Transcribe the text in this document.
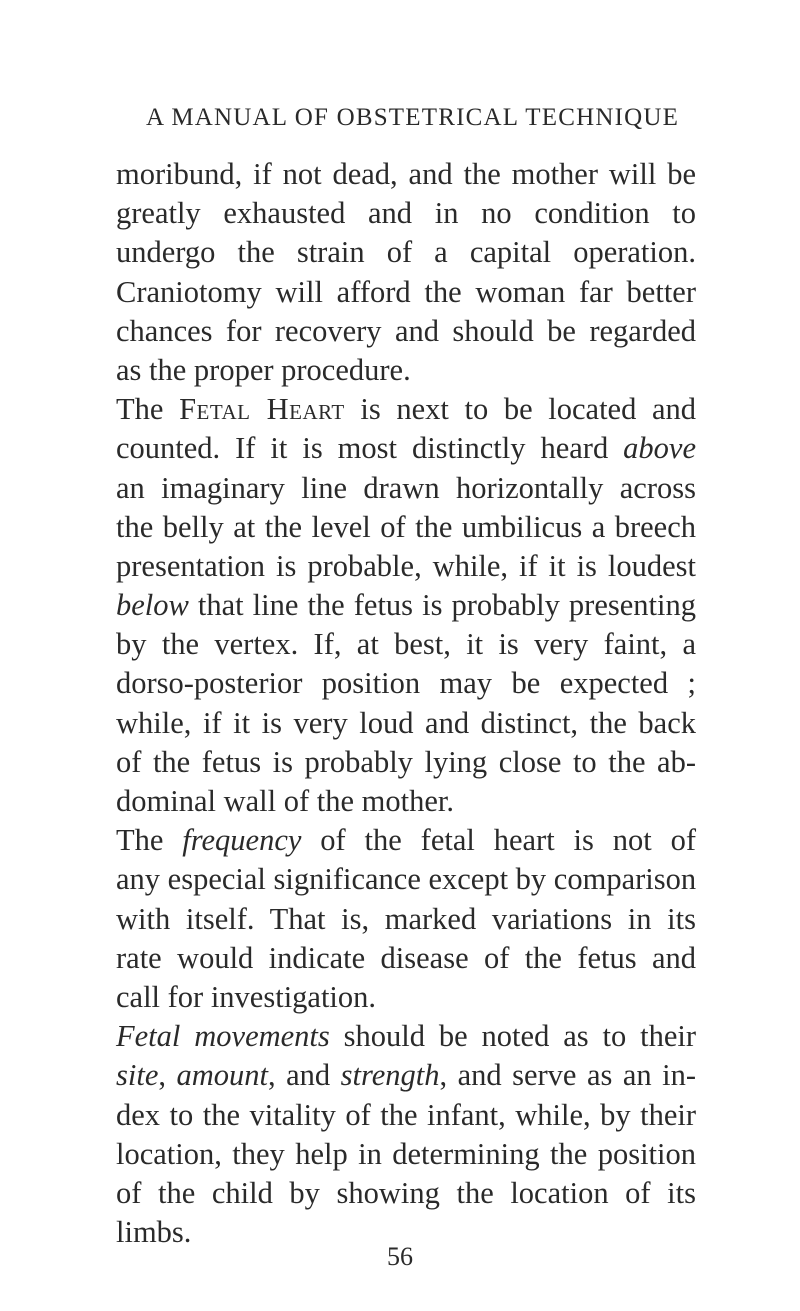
A MANUAL OF OBSTETRICAL TECHNIQUE
moribund, if not dead, and the mother will be
greatly exhausted and in no condition to
undergo the strain of a capital operation.
Craniotomy will afford the woman far better
chances for recovery and should be regarded
as the proper procedure.
The Fetal Heart is next to be located and
counted. If it is most distinctly heard above
an imaginary line drawn horizontally across
the belly at the level of the umbilicus a breech
presentation is probable, while, if it is loudest
below that line the fetus is probably presenting
by the vertex. If, at best, it is very faint, a
dorso-posterior position may be expected ;
while, if it is very loud and distinct, the back
of the fetus is probably lying close to the ab-
dominal wall of the mother.
The frequency of the fetal heart is not of
any especial significance except by comparison
with itself. That is, marked variations in its
rate would indicate disease of the fetus and
call for investigation.
Fetal movements should be noted as to their
site, amount, and strength, and serve as an in-
dex to the vitality of the infant, while, by their
location, they help in determining the position
of the child by showing the location of its
limbs.
56
